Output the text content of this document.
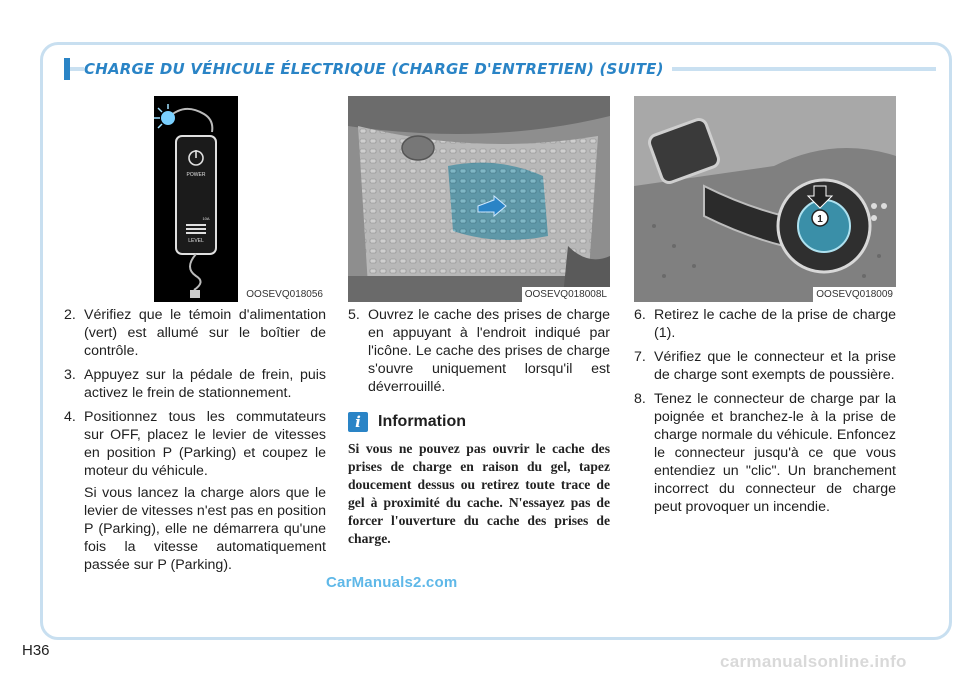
CHARGE DU VÉHICULE ÉLECTRIQUE (CHARGE D'ENTRETIEN) (SUITE)
POWER
10A
LEVEL
OOSEVQ018056	OOSEVQ018008L
1
OOSEVQ018009
2. Vérifiez que le témoin d'alimentation (vert) est allumé sur le boîtier de contrôle.
3. Appuyez sur la pédale de frein, puis activez le frein de stationnement.
4. Positionnez tous les commutateurs sur OFF, placez le levier de vitesses en position P (Parking) et coupez le moteur du véhicule.
Si vous lancez la charge alors que le levier de vitesses n'est pas en position P (Parking), elle ne démarrera qu'une fois la vitesse automatiquement passée sur P (Parking).
5. Ouvrez le cache des prises de charge en appuyant à l'endroit indiqué par l'icône. Le cache des prises de charge s'ouvre uniquement lorsqu'il est déverrouillé.
i	Information
Si vous ne pouvez pas ouvrir le cache des prises de charge en raison du gel, tapez doucement dessus ou retirez toute trace de gel à proximité du cache. N'essayez pas de forcer l'ouverture du cache des prises de charge.
6. Retirez le cache de la prise de charge (1).
7. Vérifiez que le connecteur et la prise de charge sont exempts de poussière.
8. Tenez le connecteur de charge par la poignée et branchez-le à la prise de charge normale du véhicule. Enfoncez le connecteur jusqu'à ce que vous entendiez un "clic". Un branchement incorrect du connecteur de charge peut provoquer un incendie.
H36
CarManuals2.com
carmanualsonline.info
